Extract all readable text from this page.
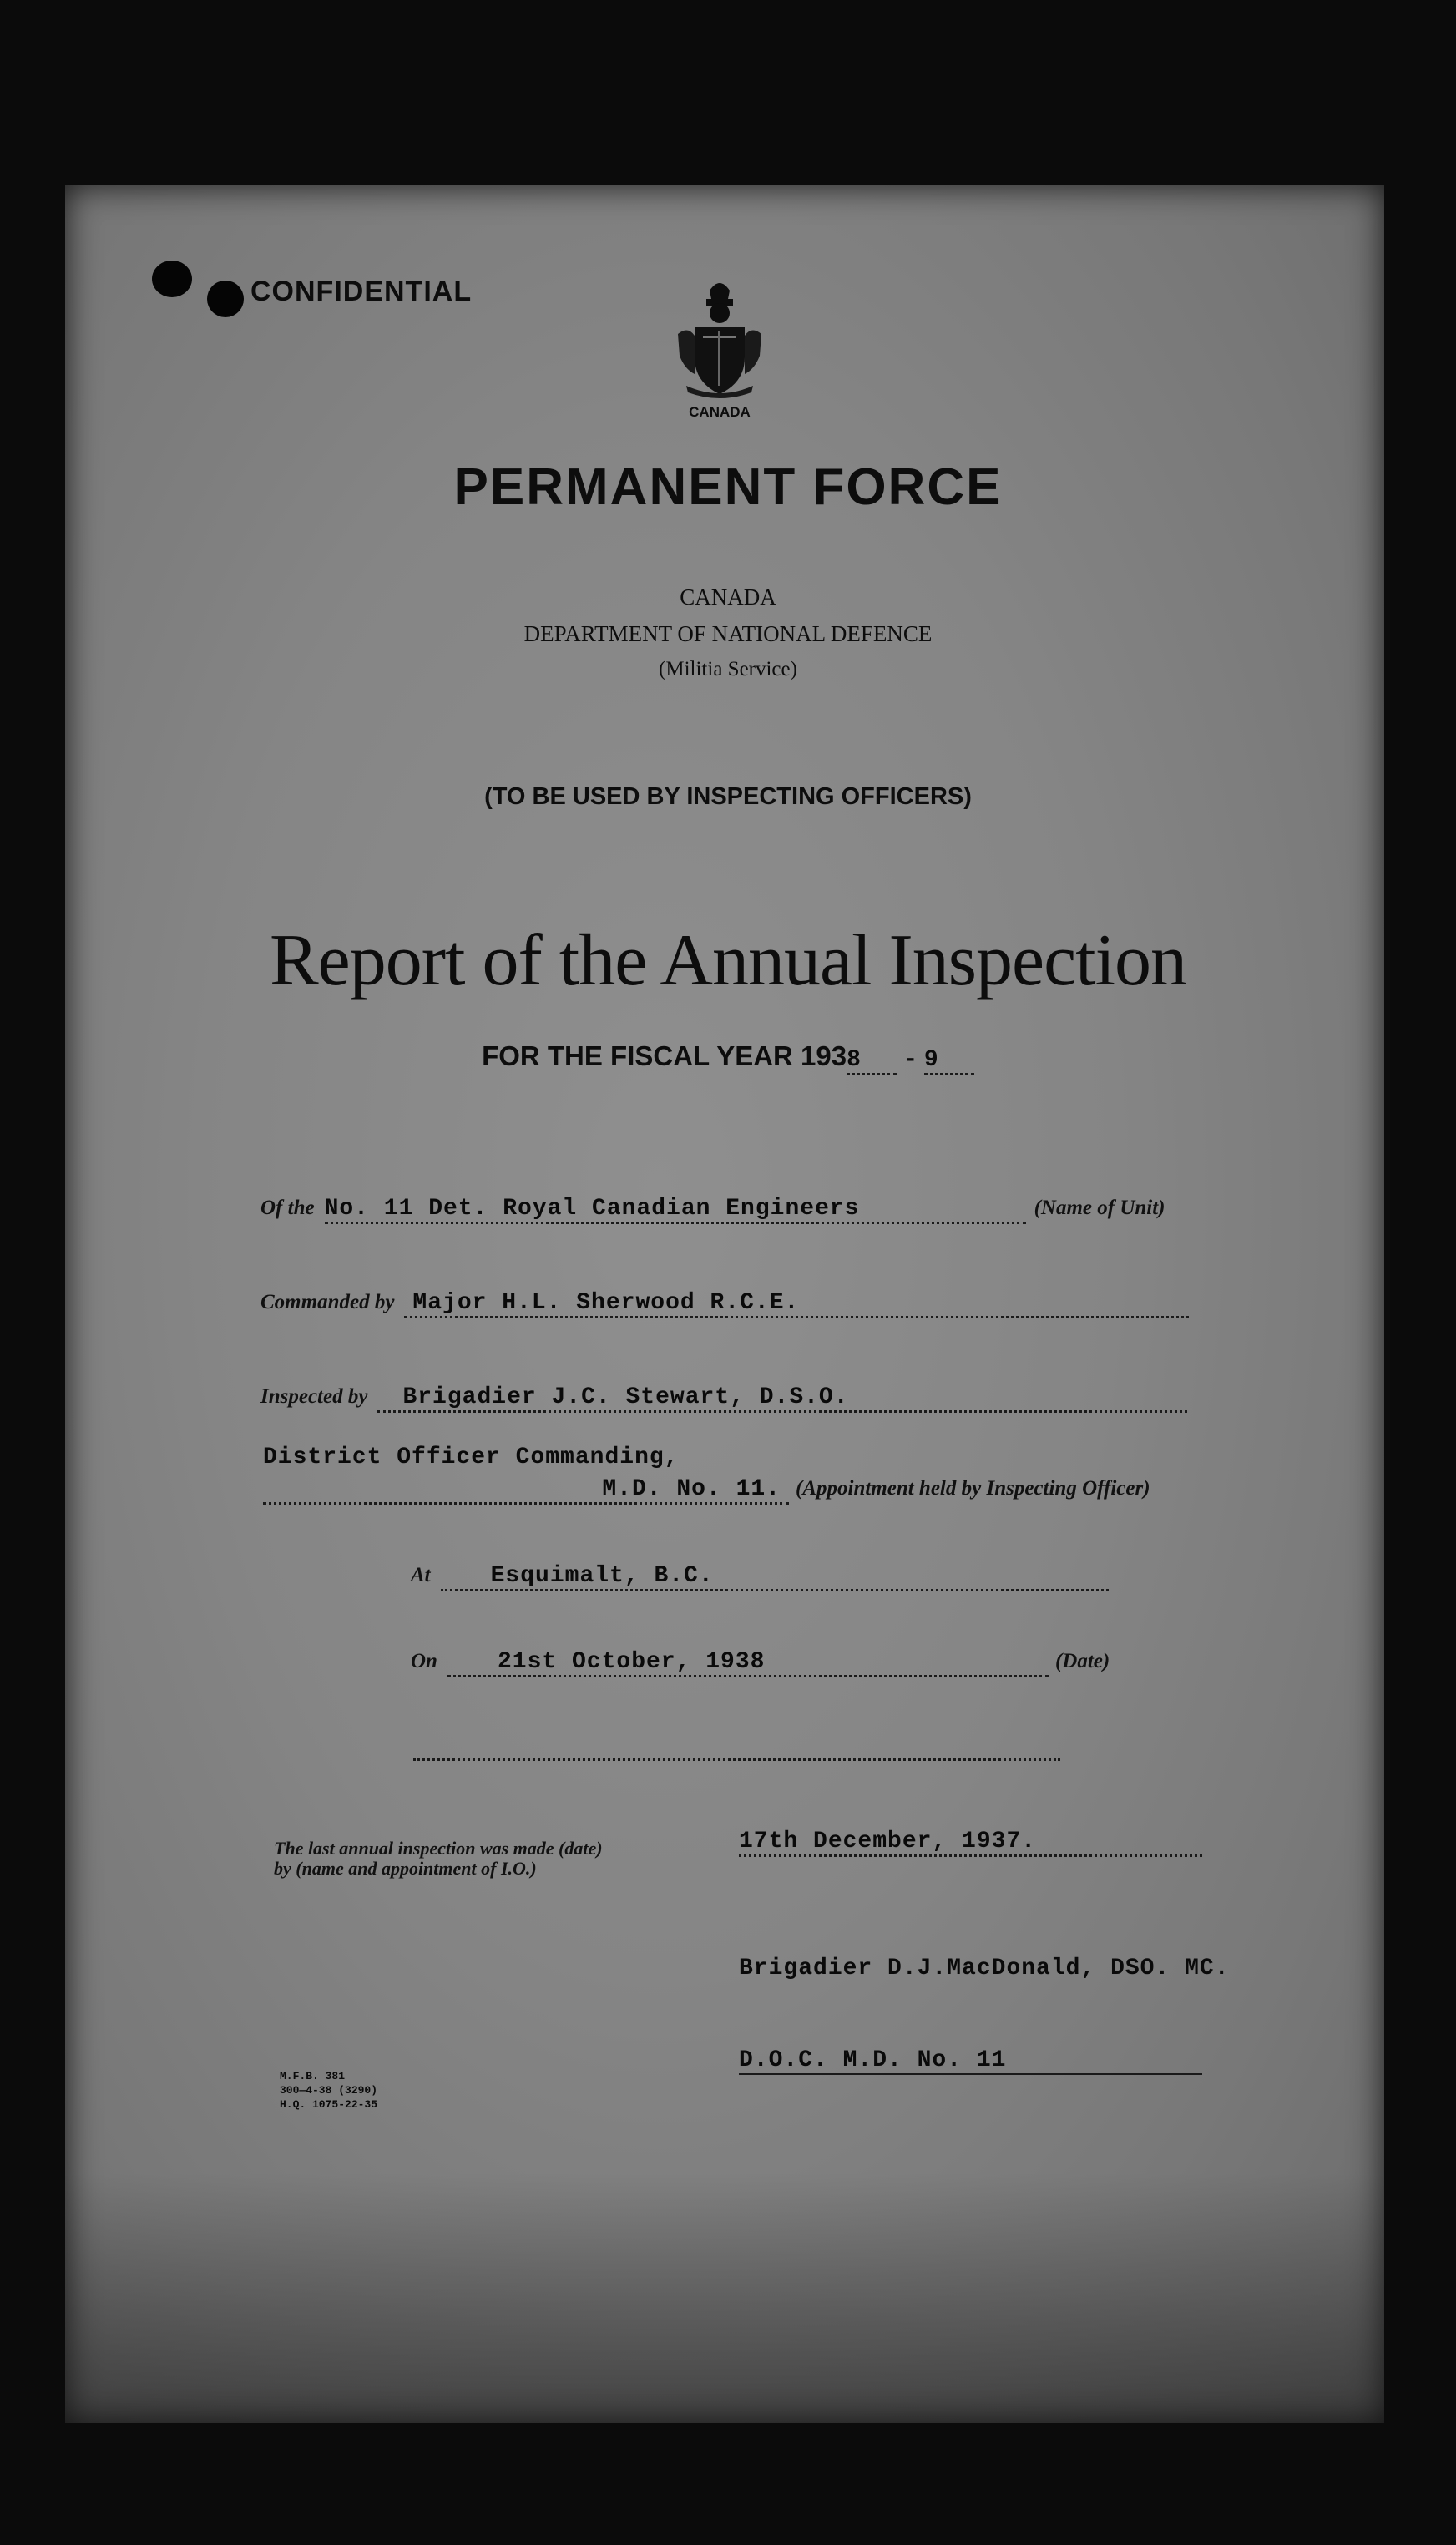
CONFIDENTIAL
CANADA
PERMANENT FORCE
CANADA
DEPARTMENT OF NATIONAL DEFENCE
(Militia Service)
(TO BE USED BY INSPECTING OFFICERS)
Report of the Annual Inspection
FOR THE FISCAL YEAR 1938 - 9
Of the No. 11 Det. Royal Canadian Engineers	(Name of Unit)
Commanded by Major H.L. Sherwood R.C.E.
Inspected by Brigadier J.C. Stewart, D.S.O.
District Officer Commanding,
M.D. No. 11. (Appointment held by Inspecting Officer)
At	Esquimalt, B.C.
On	21st October, 1938	(Date)
The last annual inspection was made (date)
by (name and appointment of I.O.)
17th December, 1937.
Brigadier D.J.MacDonald, DSO. MC.
D.O.C. M.D. No. 11
M.F.B. 381
300—4-38 (3290)
H.Q. 1075-22-35
